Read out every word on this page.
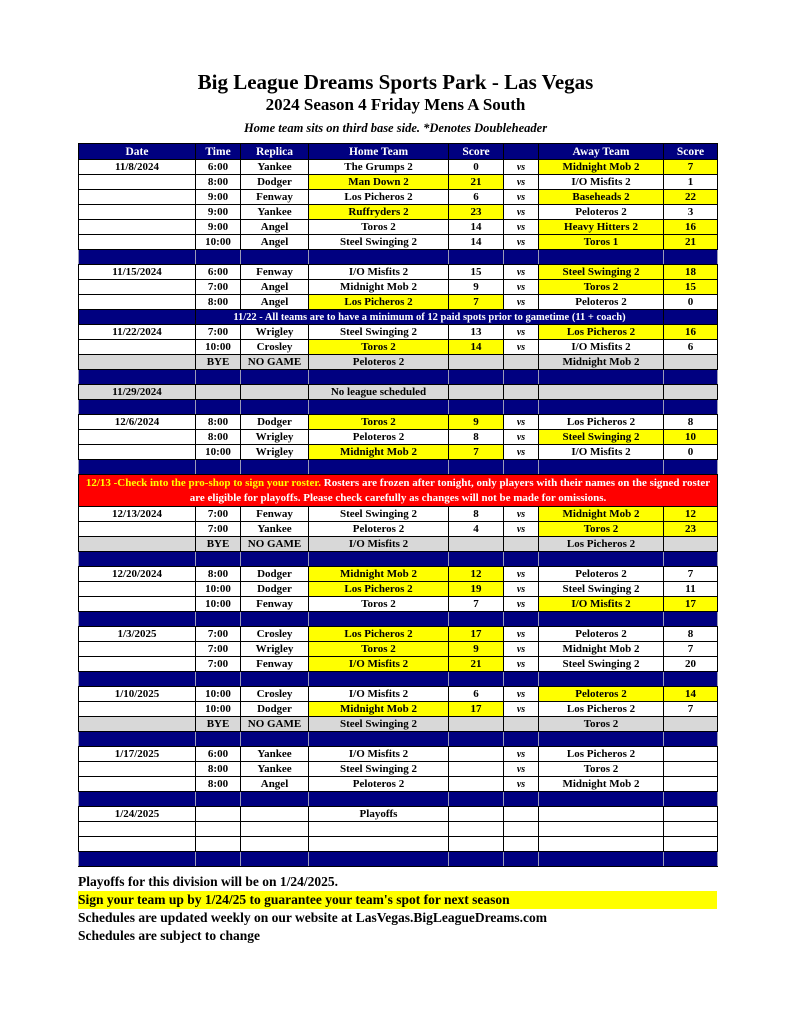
Big League Dreams Sports Park - Las Vegas
2024 Season 4 Friday Mens A South
Home team sits on third base side. *Denotes Doubleheader
Date	Time	Replica	Home Team	Score		Away Team	Score
11/8/2024	6:00	Yankee	The Grumps 2	0	vs	Midnight Mob 2	7
	8:00	Dodger	Man Down 2	21	vs	I/O Misfits 2	1
	9:00	Fenway	Los Picheros 2	6	vs	Baseheads 2	22
	9:00	Yankee	Ruffryders 2	23	vs	Peloteros 2	3
	9:00	Angel	Toros 2	14	vs	Heavy Hitters 2	16
	10:00	Angel	Steel Swinging 2	14	vs	Toros 1	21

11/15/2024	6:00	Fenway	I/O Misfits 2	15	vs	Steel Swinging 2	18
	7:00	Angel	Midnight Mob 2	9	vs	Toros 2	15
	8:00	Angel	Los Picheros 2	7	vs	Peloteros 2	0
	11/22 - All teams are to have a minimum of 12 paid spots prior to gametime (11 + coach)						
11/22/2024	7:00	Wrigley	Steel Swinging 2	13	vs	Los Picheros 2	16
	10:00	Crosley	Toros 2	14	vs	I/O Misfits 2	6
	BYE	NO GAME	Peloteros 2			Midnight Mob 2	

11/29/2024			No league scheduled				

12/6/2024	8:00	Dodger	Toros 2	9	vs	Los Picheros 2	8
	8:00	Wrigley	Peloteros 2	8	vs	Steel Swinging 2	10
	10:00	Wrigley	Midnight Mob 2	7	vs	I/O Misfits 2	0

12/13 -Check into the pro-shop to sign your roster. Rosters are frozen after tonight, only players with their names on the signed roster are eligible for playoffs. Please check carefully as changes will not be made for omissions.							
12/13/2024	7:00	Fenway	Steel Swinging 2	8	vs	Midnight Mob 2	12
	7:00	Yankee	Peloteros 2	4	vs	Toros 2	23
	BYE	NO GAME	I/O Misfits 2			Los Picheros 2	

12/20/2024	8:00	Dodger	Midnight Mob 2	12	vs	Peloteros 2	7
	10:00	Dodger	Los Picheros 2	19	vs	Steel Swinging 2	11
	10:00	Fenway	Toros 2	7	vs	I/O Misfits 2	17

1/3/2025	7:00	Crosley	Los Picheros 2	17	vs	Peloteros 2	8
	7:00	Wrigley	Toros 2	9	vs	Midnight Mob 2	7
	7:00	Fenway	I/O Misfits 2	21	vs	Steel Swinging 2	20

1/10/2025	10:00	Crosley	I/O Misfits 2	6	vs	Peloteros 2	14
	10:00	Dodger	Midnight Mob 2	17	vs	Los Picheros 2	7
	BYE	NO GAME	Steel Swinging 2			Toros 2	

1/17/2025	6:00	Yankee	I/O Misfits 2		vs	Los Picheros 2	
	8:00	Yankee	Steel Swinging 2		vs	Toros 2	
	8:00	Angel	Peloteros 2		vs	Midnight Mob 2	

1/24/2025			Playoffs				

Playoffs for this division will be on 1/24/2025.
Sign your team up by 1/24/25 to guarantee your team's spot for next season
Schedules are updated weekly on our website at LasVegas.BigLeagueDreams.com
Schedules are subject to change
